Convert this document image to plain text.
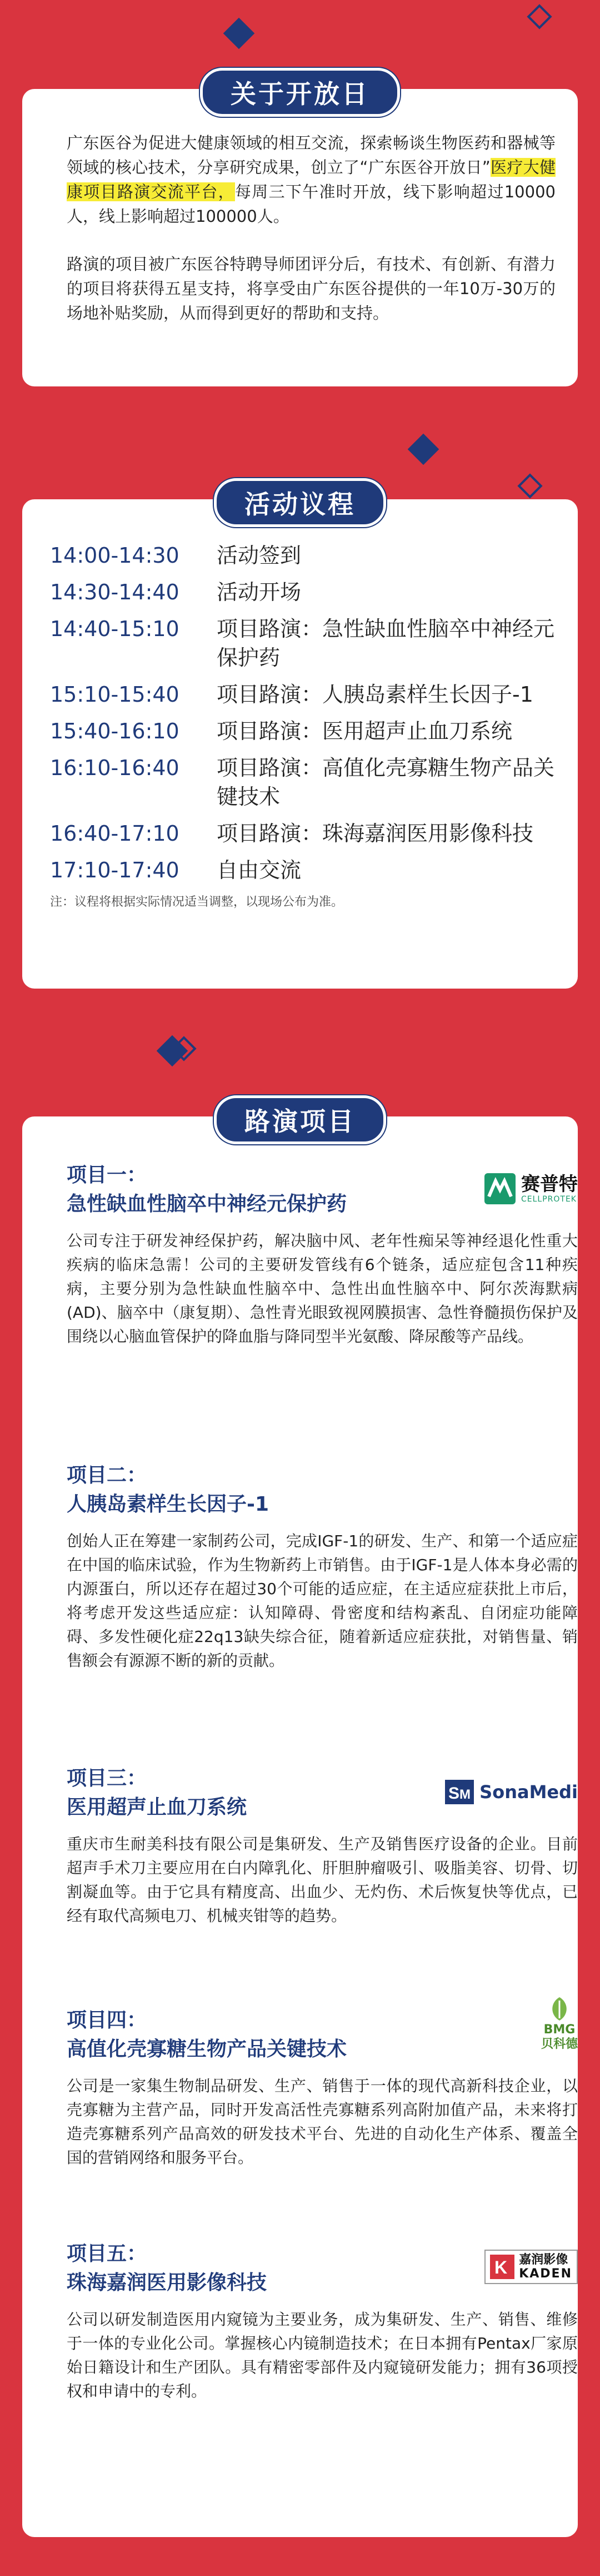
关于开放日

广东医谷为促进大健康领域的相互交流，探索畅谈生物医药和器械等领域的核心技术，分享研究成果，创立了“广东医谷开放日”医疗大健康项目路演交流平台，每周三下午准时开放，线下影响超过10000人，线上影响超过100000人。

路演的项目被广东医谷特聘导师团评分后，有技术、有创新、有潜力的项目将获得五星支持，将享受由广东医谷提供的一年10万-30万的场地补贴奖励，从而得到更好的帮助和支持。

活动议程
14:00-14:30	活动签到
14:30-14:40	活动开场
14:40-15:10	项目路演：急性缺血性脑卒中神经元保护药
15:10-15:40	项目路演：人胰岛素样生长因子-1
15:40-16:10	项目路演：医用超声止血刀系统
16:10-16:40	项目路演：高值化壳寡糖生物产品关键技术
16:40-17:10	项目路演：珠海嘉润医用影像科技
17:10-17:40	自由交流
注：议程将根据实际情况适当调整，以现场公布为准。
路演项目

项目一：

急性缺血性脑卒中神经元保护药

赛普特
CELLPROTEK

公司专注于研发神经保护药，解决脑中风、老年性痴呆等神经退化性重大疾病的临床急需！公司的主要研发管线有6个链条，适应症包含11种疾病，主要分别为急性缺血性脑卒中、急性出血性脑卒中、阿尔茨海默病(AD)、脑卒中（康复期）、急性青光眼致视网膜损害、急性脊髓损伤保护及围绕以心脑血管保护的降血脂与降同型半光氨酸、降尿酸等产品线。

项目二：

人胰岛素样生长因子-1

创始人正在筹建一家制药公司，完成IGF-1的研发、生产、和第一个适应症在中国的临床试验，作为生物新药上市销售。由于IGF-1是人体本身必需的内源蛋白，所以还存在超过30个可能的适应症，在主适应症获批上市后，将考虑开发这些适应症：认知障碍、骨密度和结构紊乱、自闭症功能障碍、多发性硬化症22q13缺失综合征，随着新适应症获批，对销售量、销售额会有源源不断的新的贡献。

项目三：

医用超声止血刀系统

S M SonaMedi

重庆市生耐美科技有限公司是集研发、生产及销售医疗设备的企业。目前超声手术刀主要应用在白内障乳化、肝胆肿瘤吸引、吸脂美容、切骨、切割凝血等。由于它具有精度高、出血少、无灼伤、术后恢复快等优点，已经有取代高频电刀、机械夹钳等的趋势。

项目四：

高值化壳寡糖生物产品关键技术

BMG
贝科德

公司是一家集生物制品研发、生产、销售于一体的现代高新科技企业，以壳寡糖为主营产品，同时开发高活性壳寡糖系列高附加值产品，未来将打造壳寡糖系列产品高效的研发技术平台、先进的自动化生产体系、覆盖全国的营销网络和服务平台。

项目五：

珠海嘉润医用影像科技

K 嘉润影像
KADEN

公司以研发制造医用内窥镜为主要业务，成为集研发、生产、销售、维修于一体的专业化公司。掌握核心内镜制造技术；在日本拥有Pentax厂家原始日籍设计和生产团队。具有精密零部件及内窥镜研发能力；拥有36项授权和申请中的专利。
